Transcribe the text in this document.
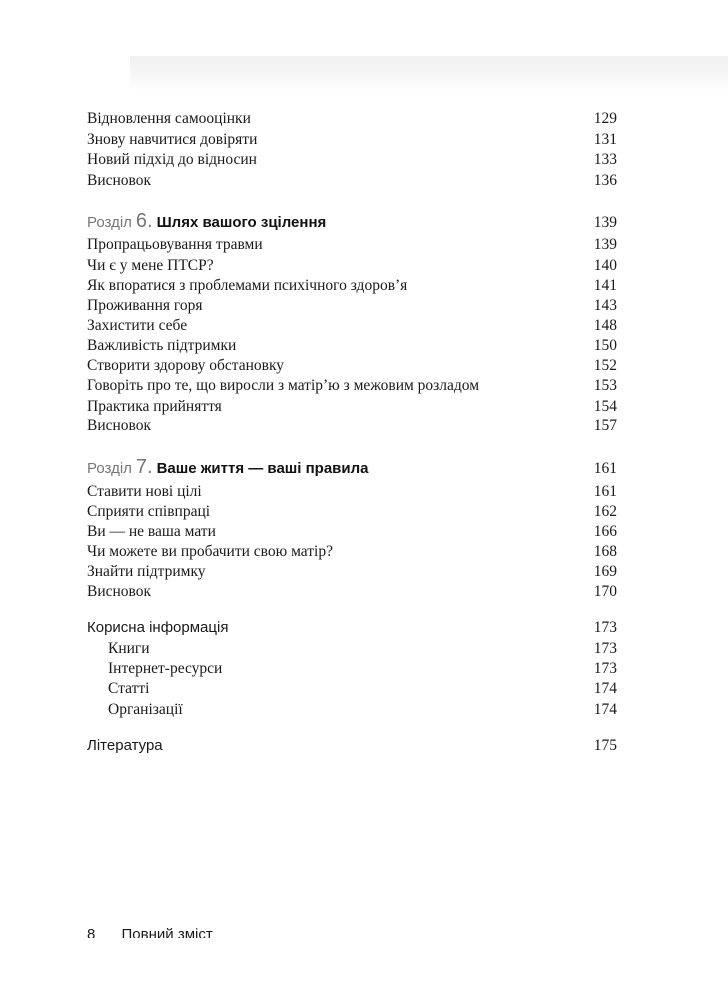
Відновлення самооцінки	129
Знову навчитися довіряти	131
Новий підхід до відносин	133
Висновок	136
Розділ 6. Шлях вашого зцілення	139
Пропрацьовування травми	139
Чи є у мене ПТСР?	140
Як впоратися з проблемами психічного здоров’я	141
Проживання горя	143
Захистити себе	148
Важливість підтримки	150
Створити здорову обстановку	152
Говоріть про те, що виросли з матір’ю з межовим розладом	153
Практика прийняття	154
Висновок	157
Розділ 7. Ваше життя — ваші правила	161
Ставити нові цілі	161
Сприяти співпраці	162
Ви — не ваша мати	166
Чи можете ви пробачити свою матір?	168
Знайти підтримку	169
Висновок	170
Корисна інформація	173
Книги	173
Інтернет-ресурси	173
Статті	174
Організації	174
Література	175
8 Повний зміст
